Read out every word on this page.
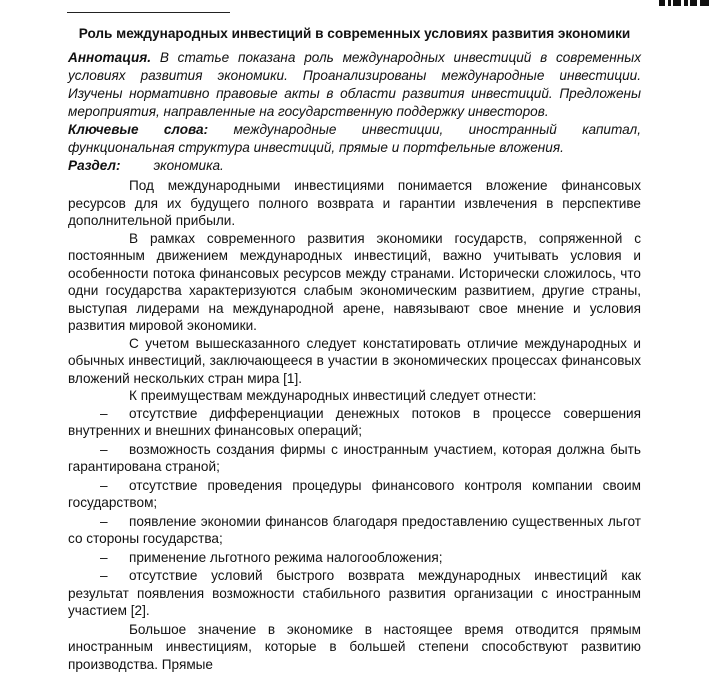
Роль международных инвестиций в современных условиях развития экономики

Аннотация. В статье показана роль международных инвестиций в современных условиях развития экономики. Проанализированы международные инвестиции. Изучены нормативно правовые акты в области развития инвестиций. Предложены мероприятия, направленные на государственную поддержку инвесторов.

Ключевые слова: международные инвестиции, иностранный капитал, функциональная структура инвестиций, прямые и портфельные вложения.

Раздел: экономика.

Под международными инвестициями понимается вложение финансовых ресурсов для их будущего полного возврата и гарантии извлечения в перспективе дополнительной прибыли.

В рамках современного развития экономики государств, сопряженной с постоянным движением международных инвестиций, важно учитывать условия и особенности потока финансовых ресурсов между странами. Исторически сложилось, что одни государства характеризуются слабым экономическим развитием, другие страны, выступая лидерами на международной арене, навязывают свое мнение и условия развития мировой экономики.

С учетом вышесказанного следует констатировать отличие международных и обычных инвестиций, заключающееся в участии в экономических процессах финансовых вложений нескольких стран мира [1].

К преимуществам международных инвестиций следует отнести:

– отсутствие дифференциации денежных потоков в процессе совершения внутренних и внешних финансовых операций;
– возможность создания фирмы с иностранным участием, которая должна быть гарантирована страной;
– отсутствие проведения процедуры финансового контроля компании своим государством;
– появление экономии финансов благодаря предоставлению существенных льгот со стороны государства;
– применение льготного режима налогообложения;
– отсутствие условий быстрого возврата международных инвестиций как результат появления возможности стабильного развития организации с иностранным участием [2].

Большое значение в экономике в настоящее время отводится прямым иностранным инвестициям, которые в большей степени способствуют развитию производства. Прямые
